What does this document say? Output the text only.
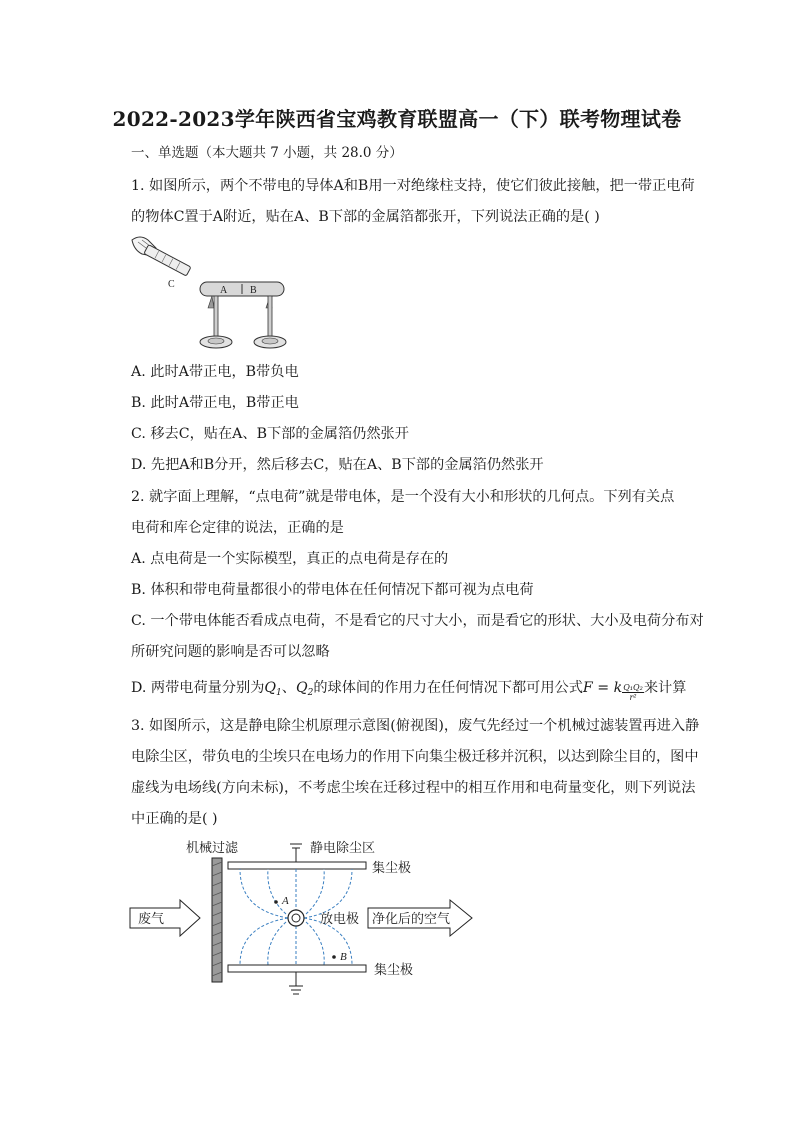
2022-2023学年陕西省宝鸡教育联盟高一（下）联考物理试卷
一、单选题（本大题共 7 小题，共 28.0 分）
1. 如图所示，两个不带电的导体A和B用一对绝缘柱支持，使它们彼此接触，把一带正电荷
的物体C置于A附近，贴在A、B下部的金属箔都张开，下列说法正确的是( )
C
A B
A. 此时A带正电，B带负电
B. 此时A带正电，B带正电
C. 移去C，贴在A、B下部的金属箔仍然张开
D. 先把A和B分开，然后移去C，贴在A、B下部的金属箔仍然张开
2. 就字面上理解，“点电荷”就是带电体，是一个没有大小和形状的几何点。下列有关点
电荷和库仑定律的说法，正确的是
A. 点电荷是一个实际模型，真正的点电荷是存在的
B. 体积和带电荷量都很小的带电体在任何情况下都可视为点电荷
C. 一个带电体能否看成点电荷，不是看它的尺寸大小，而是看它的形状、大小及电荷分布对
所研究问题的影响是否可以忽略
D. 两带电荷量分别为$Q_1$、$Q_2$的球体间的作用力在任何情况下都可用公式F = k $\frac{\text{Q₁Q₂}}{\text{r²}}$ 来计算
3. 如图所示，这是静电除尘机原理示意图(俯视图)，废气先经过一个机械过滤装置再进入静
电除尘区，带负电的尘埃只在电场力的作用下向集尘极迁移并沉积，以达到除尘目的，图中
虚线为电场线(方向未标)，不考虑尘埃在迁移过程中的相互作用和电荷量变化，则下列说法
中正确的是( )
机械过滤	静电除尘区
集尘极
集尘极
放电极
A
B
废气	净化后的空气
